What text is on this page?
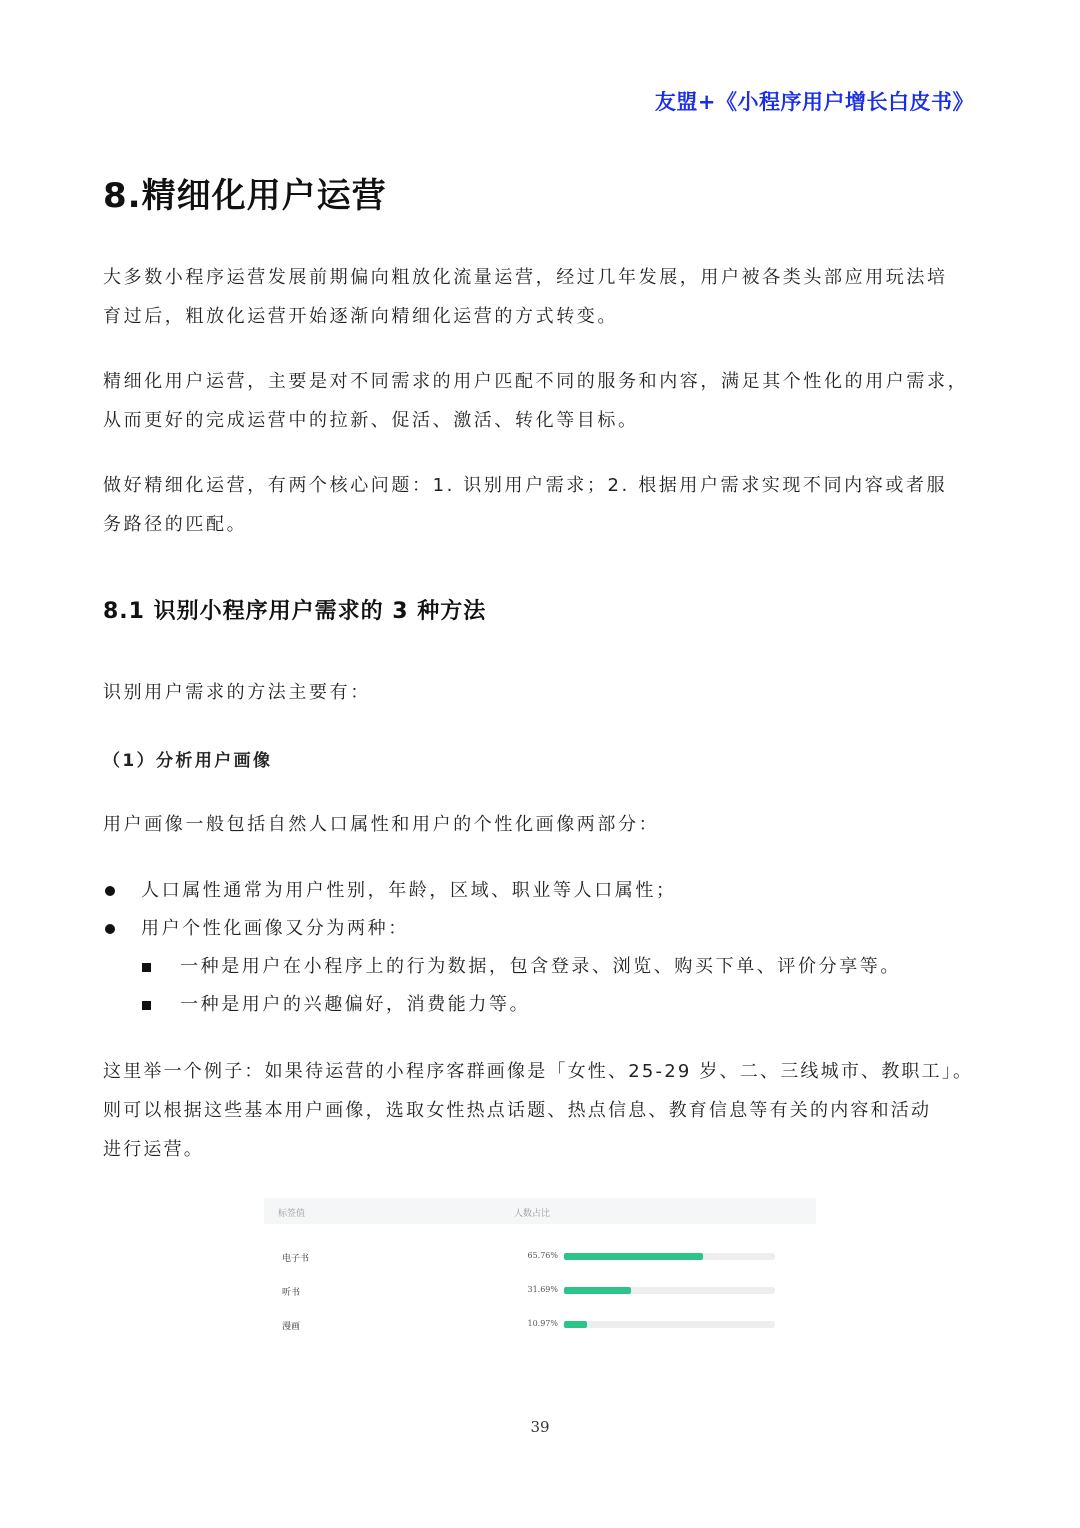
友盟+《小程序用户增长白皮书》
8.精细化用户运营
大多数小程序运营发展前期偏向粗放化流量运营，经过几年发展，用户被各类头部应用玩法培
育过后，粗放化运营开始逐渐向精细化运营的方式转变。
精细化用户运营，主要是对不同需求的用户匹配不同的服务和内容，满足其个性化的用户需求，
从而更好的完成运营中的拉新、促活、激活、转化等目标。
做好精细化运营，有两个核心问题：1. 识别用户需求；2. 根据用户需求实现不同内容或者服
务路径的匹配。
8.1 识别小程序用户需求的 3 种方法
识别用户需求的方法主要有：
（1）分析用户画像
用户画像一般包括自然人口属性和用户的个性化画像两部分：
人口属性通常为用户性别，年龄，区域、职业等人口属性；
用户个性化画像又分为两种：
一种是用户在小程序上的行为数据，包含登录、浏览、购买下单、评价分享等。
一种是用户的兴趣偏好，消费能力等。
这里举一个例子：如果待运营的小程序客群画像是「女性、25-29 岁、二、三线城市、教职工」。
则可以根据这些基本用户画像，选取女性热点话题、热点信息、教育信息等有关的内容和活动
进行运营。
标签值	人数占比
电子书	65.76%
听书	31.69%
漫画	10.97%
39
